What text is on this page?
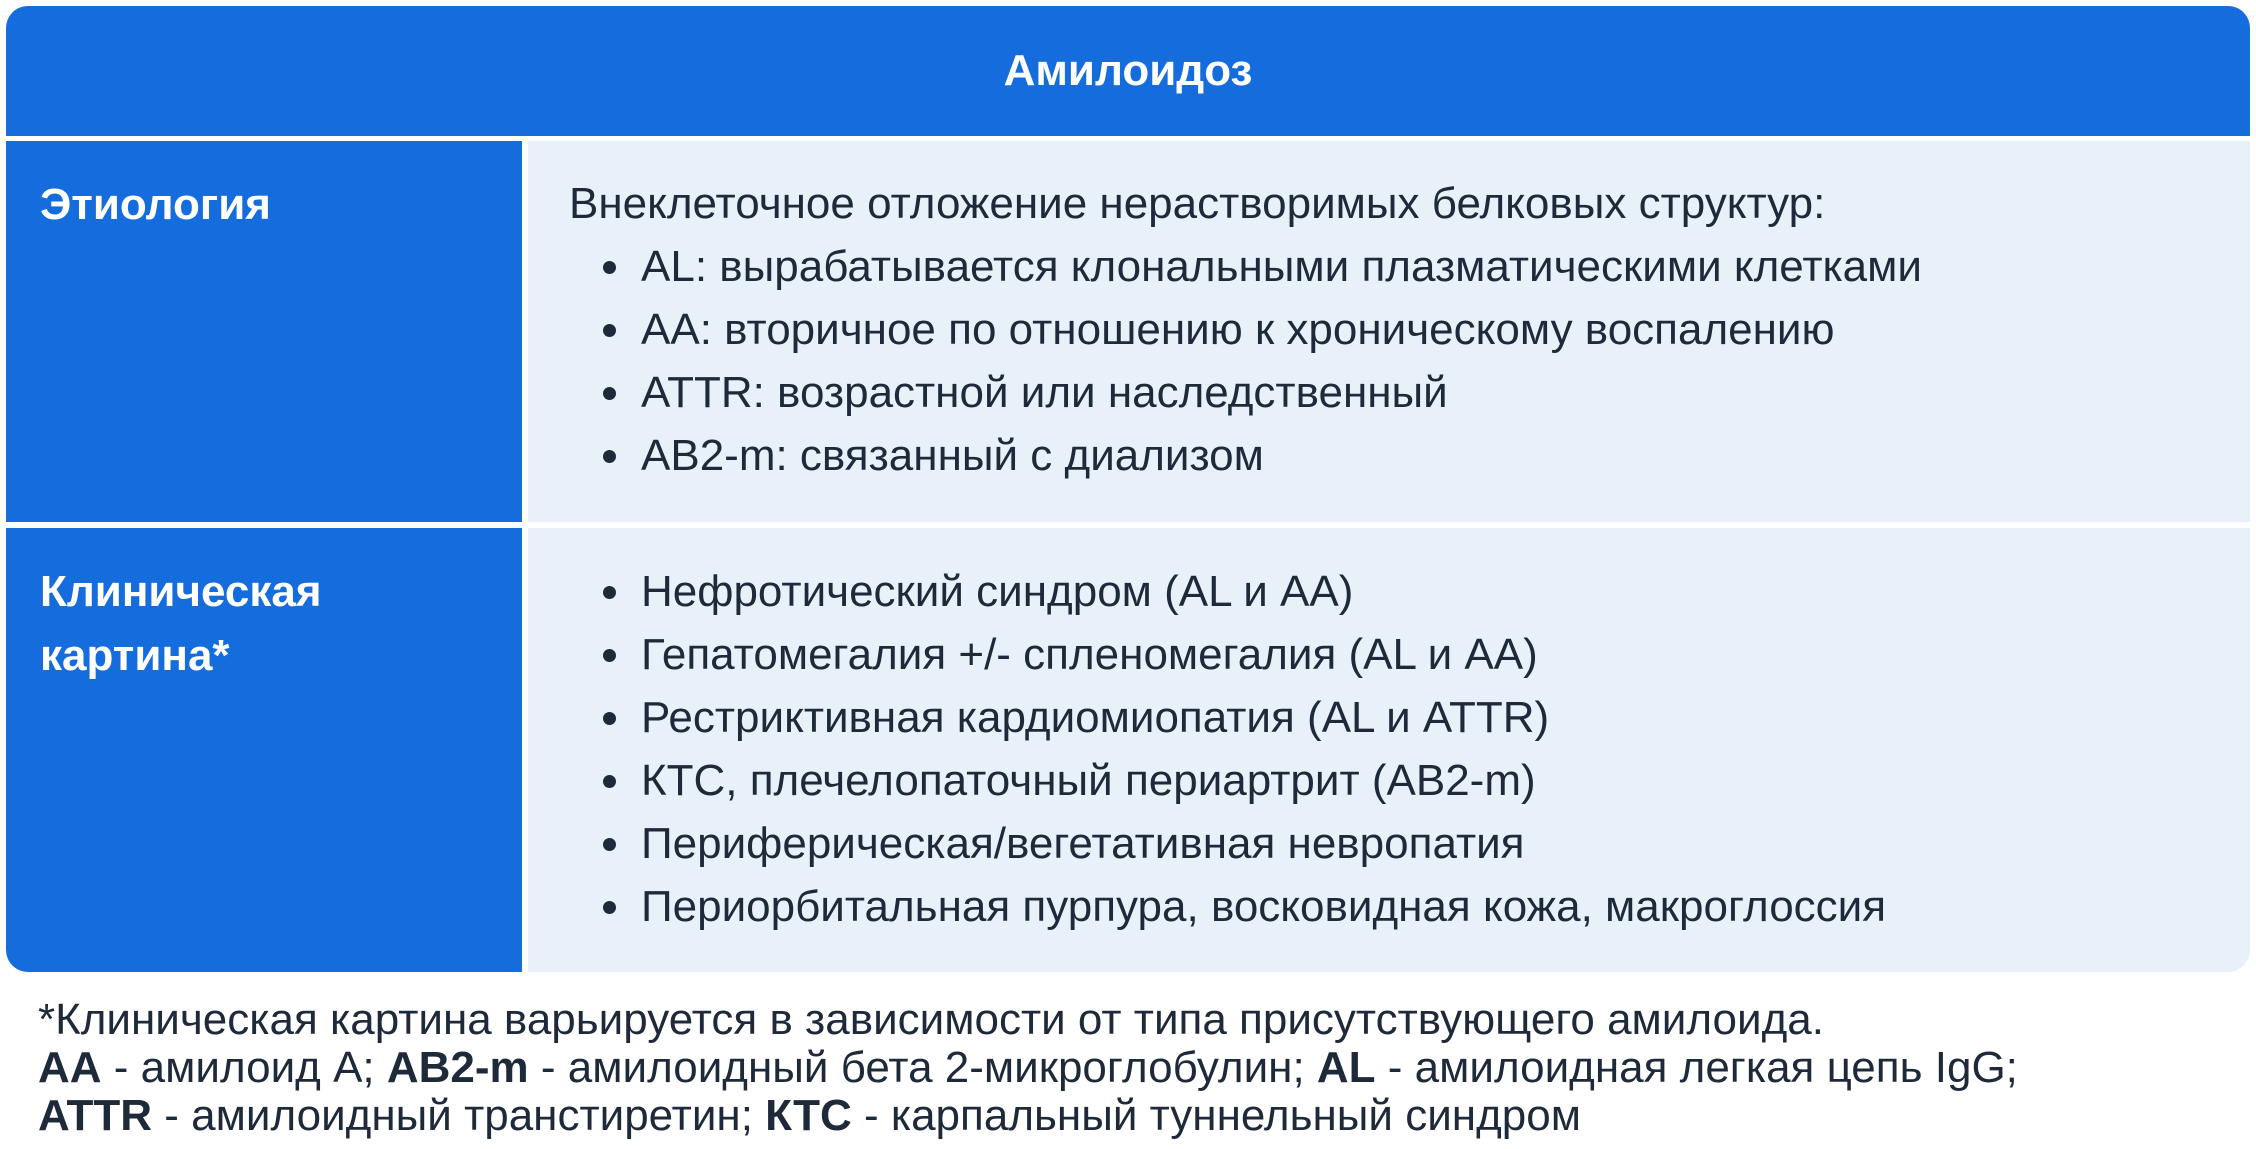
Амилоидоз
Этиология	Внеклеточное отложение нерастворимых белковых структур:

AL: вырабатывается клональными плазматическими клетками
AA: вторичное по отношению к хроническому воспалению
ATTR: возрастной или наследственный
AB2-m: связанный с диализом
Клиническая
картина*
Нефротический синдром (AL и AA)
Гепатомегалия +/- спленомегалия (AL и AA)
Рестриктивная кардиомиопатия (AL и ATTR)
КТС, плечелопаточный периартрит (AB2-m)
Периферическая/вегетативная невропатия
Периорбитальная пурпура, восковидная кожа, макроглоссия

*Клиническая картина варьируется в зависимости от типа присутствующего амилоида.

AA - амилоид A; AB2-m - амилоидный бета 2-микроглобулин; AL - амилоидная легкая цепь IgG;

ATTR - амилоидный транстиретин; КТС - карпальный туннельный синдром
